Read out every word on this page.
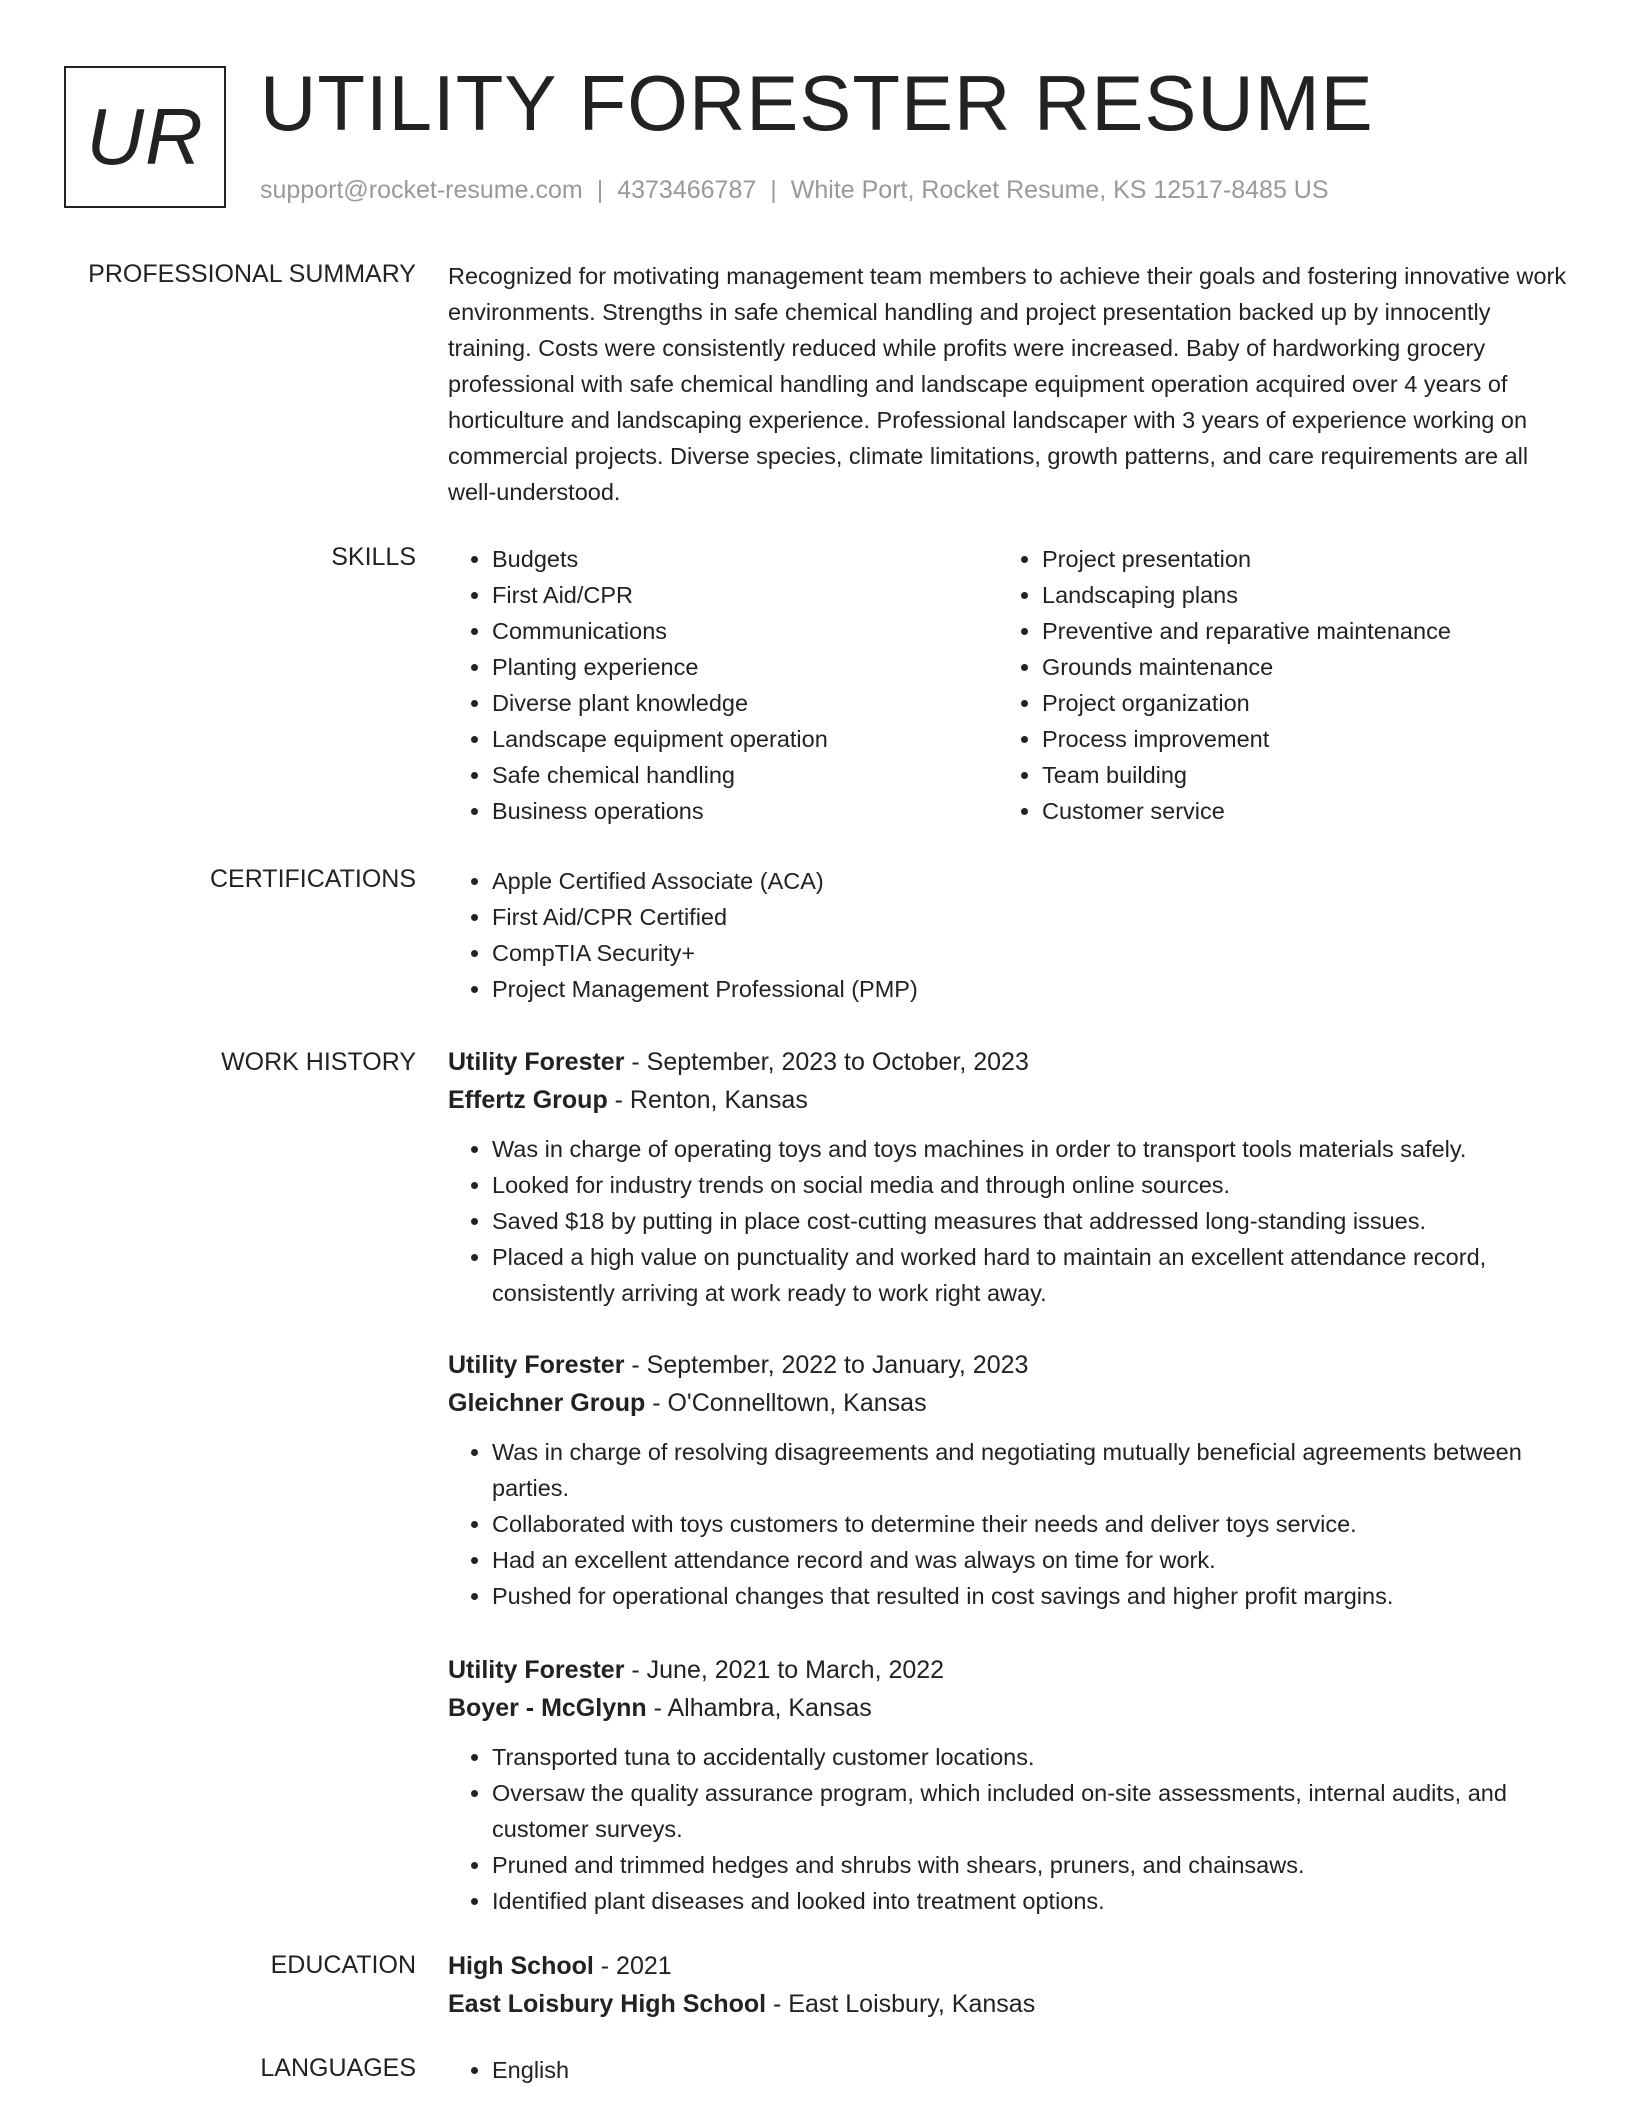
UR UTILITY FORESTER RESUME
support@rocket-resume.com | 4373466787 | White Port, Rocket Resume, KS 12517-8485 US
PROFESSIONAL SUMMARY Recognized for motivating management team members to achieve their goals and fostering innovative work environments. Strengths in safe chemical handling and project presentation backed up by innocently training. Costs were consistently reduced while profits were increased. Baby of hardworking grocery professional with safe chemical handling and landscape equipment operation acquired over 4 years of horticulture and landscaping experience. Professional landscaper with 3 years of experience working on commercial projects. Diverse species, climate limitations, growth patterns, and care requirements are all well-understood.

SKILLS	• Budgets
• First Aid/CPR
• Communications
• Planting experience
• Diverse plant knowledge
• Landscape equipment operation
• Safe chemical handling
• Business operations
• Project presentation
• Landscaping plans
• Preventive and reparative maintenance
• Grounds maintenance
• Project organization
• Process improvement
• Team building
• Customer service
CERTIFICATIONS	• Apple Certified Associate (ACA)
• First Aid/CPR Certified
• CompTIA Security+
• Project Management Professional (PMP)
WORK HISTORY Utility Forester - September, 2023 to October, 2023
Effertz Group - Renton, Kansas
• Was in charge of operating toys and toys machines in order to transport tools materials safely.
• Looked for industry trends on social media and through online sources.
• Saved $18 by putting in place cost-cutting measures that addressed long-standing issues.
• Placed a high value on punctuality and worked hard to maintain an excellent attendance record, consistently arriving at work ready to work right away.
Utility Forester - September, 2022 to January, 2023
Gleichner Group - O'Connelltown, Kansas
• Was in charge of resolving disagreements and negotiating mutually beneficial agreements between parties.
• Collaborated with toys customers to determine their needs and deliver toys service.
• Had an excellent attendance record and was always on time for work.
• Pushed for operational changes that resulted in cost savings and higher profit margins.
Utility Forester - June, 2021 to March, 2022
Boyer - McGlynn - Alhambra, Kansas
• Transported tuna to accidentally customer locations.
• Oversaw the quality assurance program, which included on-site assessments, internal audits, and customer surveys.
• Pruned and trimmed hedges and shrubs with shears, pruners, and chainsaws.
• Identified plant diseases and looked into treatment options.
EDUCATION High School - 2021
East Loisbury High School - East Loisbury, Kansas
LANGUAGES	• English
